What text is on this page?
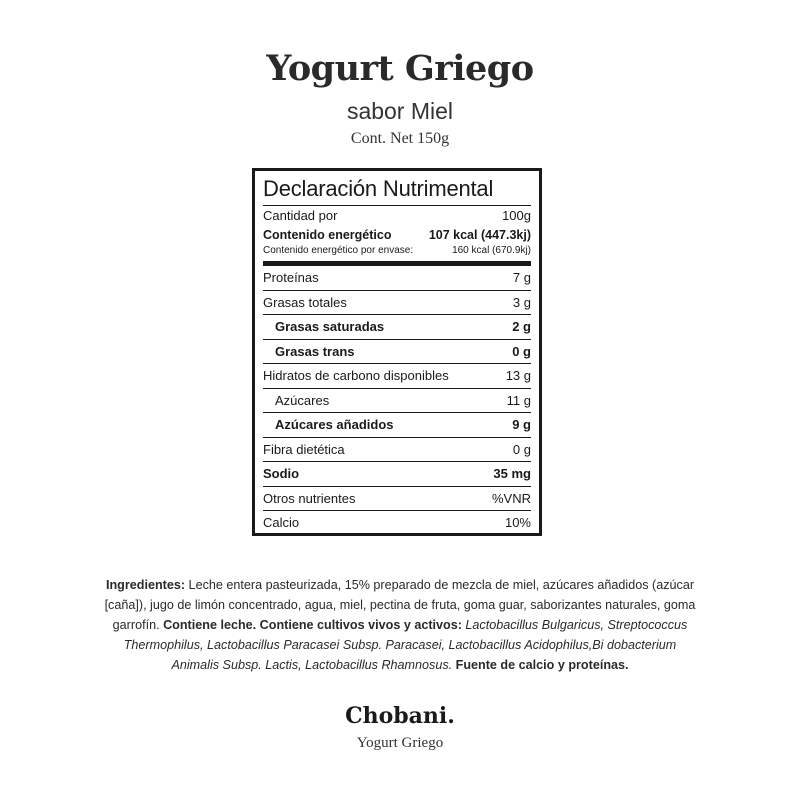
Yogurt Griego
sabor Miel
Cont. Net 150g
Declaración Nutrimental
Cantidad por	100g
Contenido energético	107 kcal (447.3kj)
Contenido energético por envase:	160 kcal (670.9kj)
Proteínas	7 g
Grasas totales	3 g
Grasas saturadas	2 g
Grasas trans	0 g
Hidratos de carbono disponibles	13 g
Azúcares	11 g
Azúcares añadidos	9 g
Fibra dietética	0 g
Sodio	35 mg
Otros nutrientes	%VNR
Calcio	10%
Ingredientes: Leche entera pasteurizada, 15% preparado de mezcla de miel, azúcares añadidos (azúcar [caña]), jugo de limón concentrado, agua, miel, pectina de fruta, goma guar, saborizantes naturales, goma garrofín. Contiene leche. Contiene cultivos vivos y activos: Lactobacillus Bulgaricus, Streptococcus Thermophilus, Lactobacillus Paracasei Subsp. Paracasei, Lactobacillus Acidophilus,Bi dobacterium Animalis Subsp. Lactis, Lactobacillus Rhamnosus. Fuente de calcio y proteínas.
Chobani.
Yogurt Griego
